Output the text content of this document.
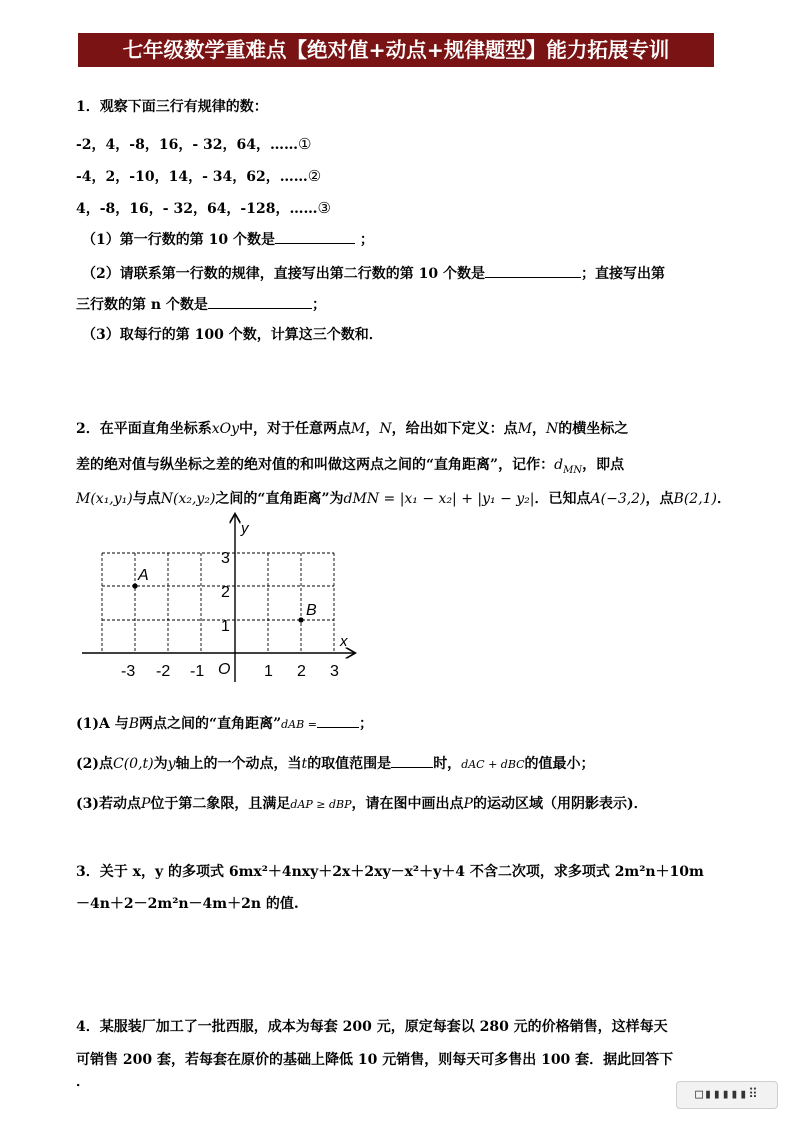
七年级数学重难点【绝对值+动点+规律题型】能力拓展专训
1．观察下面三行有规律的数：
-2，4，-8，16，- 32，64，……①
-4，2，-10，14，- 34，62，……②
4，-8，16，- 32，64，-128，……③
（1）第一行数的第 10 个数是	；
（2）请联系第一行数的规律，直接写出第二行数的第 10 个数是	；直接写出第
三行数的第 n 个数是	；
（3）取每行的第 100 个数，计算这三个数和．
2．在平面直角坐标系xOy中，对于任意两点M，N，给出如下定义：点M，N的横坐标之
差的绝对值与纵坐标之差的绝对值的和叫做这两点之间的“直角距离”，记作：$d_{MN}$，即点
M(x₁,y₁)与点N(x₂,y₂)之间的“直角距离”为dMN = |x₁ − x₂| + |y₁ − y₂|．已知点A(−3,2)，点B(2,1)．
x
y
O
-3 -2 -1	1 2 3
1
2
3
A
B
(1)A 与B两点之间的“直角距离”dAB =	；
(2)点C(0,t)为y轴上的一个动点，当t的取值范围是	时，dAC + dBC的值最小；
(3)若动点P位于第二象限，且满足dAP ≥ dBP，请在图中画出点P的运动区域（用阴影表示)．
3．关于 x，y 的多项式 6mx²＋4nxy＋2x＋2xy－x²＋y＋4 不含二次项，求多项式 2m²n＋10m
－4n＋2－2m²n－4m＋2n 的值.
4．某服装厂加工了一批西服，成本为每套 200 元，原定每套以 280 元的价格销售，这样每天
可销售 200 套，若每套在原价的基础上降低 10 元销售，则每天可多售出 100 套．据此回答下
．
□▮▮▮▮▮⠿
